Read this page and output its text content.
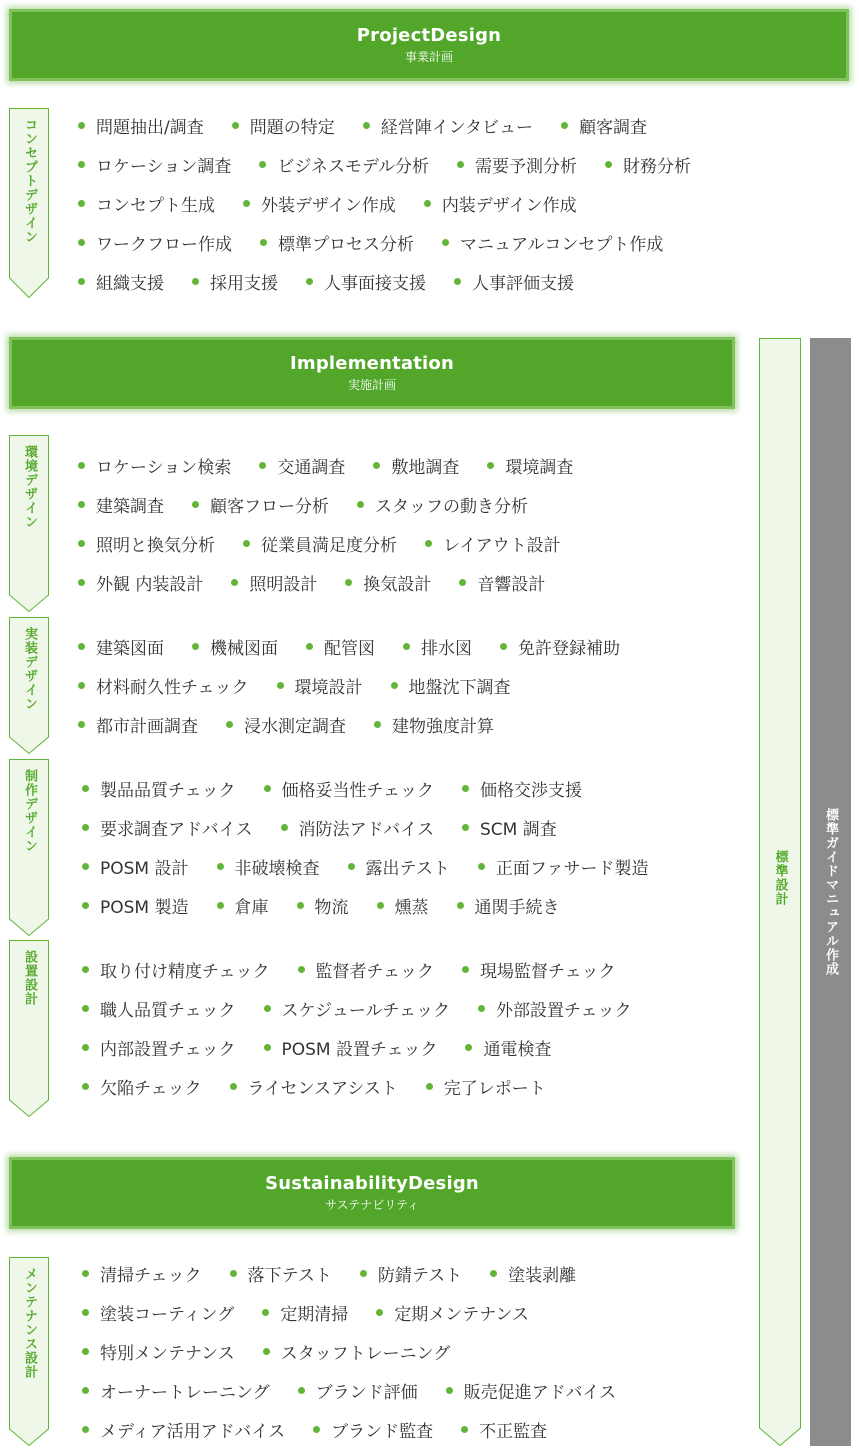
ProjectDesign
事業計画
Implementation
実施計画
SustainabilityDesign
サステナビリティ
コンセプトデザイン
環境デザイン
実装デザイン
制作デザイン
設置設計
メンテナンス設計
問題抽出/調査	問題の特定	経営陣インタビュー	顧客調査
ロケーション調査	ビジネスモデル分析	需要予測分析	財務分析
コンセプト生成	外装デザイン作成	内装デザイン作成
ワークフロー作成	標準プロセス分析	マニュアルコンセプト作成
組織支援	採用支援	人事面接支援	人事評価支援
ロケーション検索	交通調査	敷地調査	環境調査
建築調査	顧客フロー分析	スタッフの動き分析
照明と換気分析	従業員満足度分析	レイアウト設計
外観 内装設計	照明設計	換気設計	音響設計
建築図面	機械図面	配管図	排水図	免許登録補助
材料耐久性チェック	環境設計	地盤沈下調査
都市計画調査	浸水測定調査	建物強度計算
製品品質チェック	価格妥当性チェック	価格交渉支援
要求調査アドバイス	消防法アドバイス	SCM 調査
POSM 設計	非破壊検査	露出テスト	正面ファサード製造
POSM 製造	倉庫	物流	燻蒸	通関手続き
取り付け精度チェック	監督者チェック	現場監督チェック
職人品質チェック	スケジュールチェック	外部設置チェック
内部設置チェック	POSM 設置チェック	通電検査
欠陥チェック	ライセンスアシスト	完了レポート
清掃チェック	落下テスト	防錆テスト	塗装剥離
塗装コーティング	定期清掃	定期メンテナンス
特別メンテナンス	スタッフトレーニング
オーナートレーニング	ブランド評価	販売促進アドバイス
メディア活用アドバイス	ブランド監査	不正監査
標準設計	標準ガイドマニュアル作成
